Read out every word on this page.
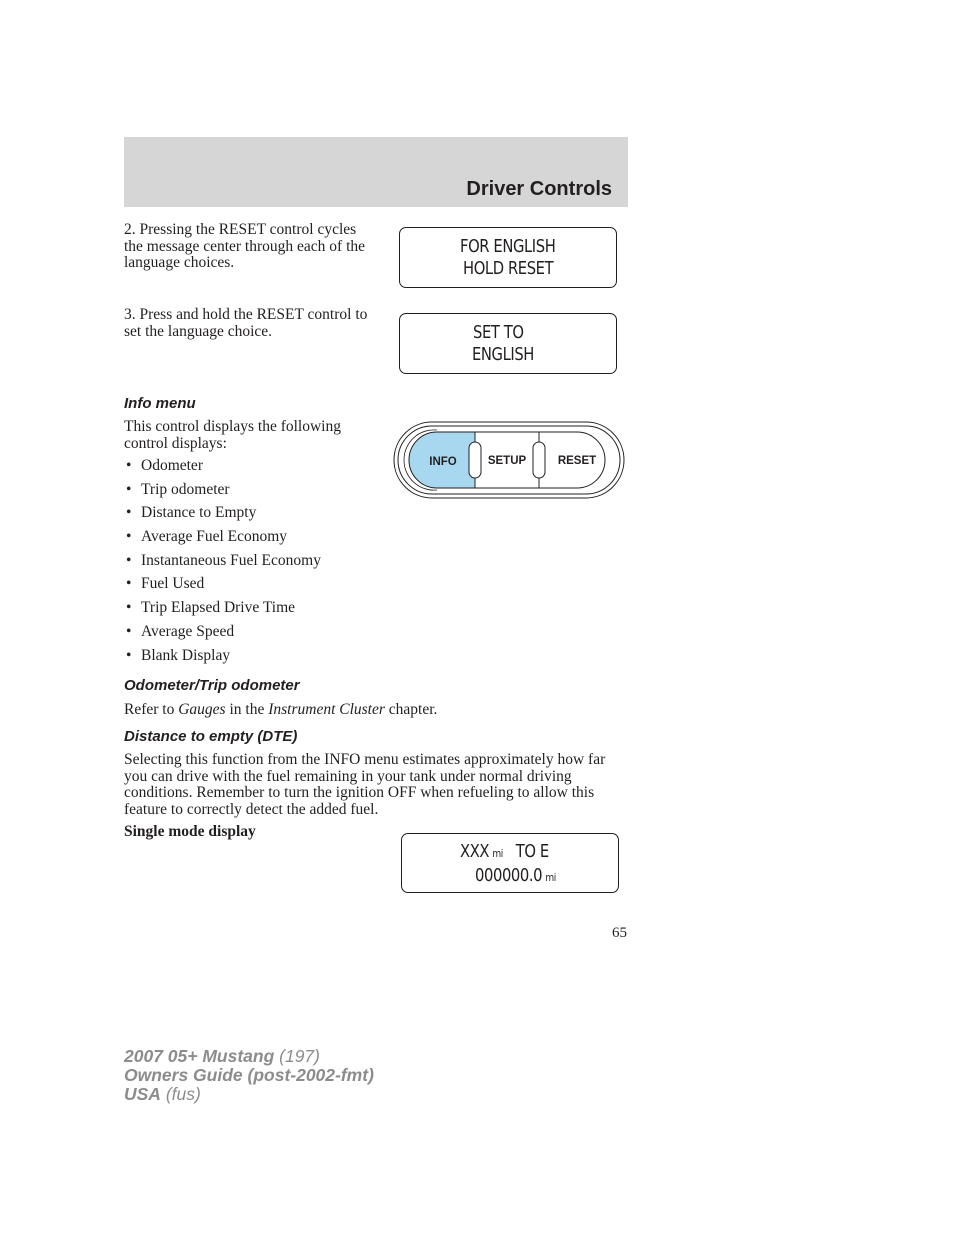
Driver Controls
2. Pressing the RESET control cycles the message center through each of the language choices.
3. Press and hold the RESET control to set the language choice.
FOR ENGLISH
HOLD RESET
SET TO
ENGLISH
Info menu
This control displays the following control displays:
• Odometer
• Trip odometer
• Distance to Empty
• Average Fuel Economy
• Instantaneous Fuel Economy
• Fuel Used
• Trip Elapsed Drive Time
• Average Speed
• Blank Display
INFO	SETUP	RESET
Odometer/Trip odometer
Refer to Gauges in the Instrument Cluster chapter.
Distance to empty (DTE)
Selecting this function from the INFO menu estimates approximately how far you can drive with the fuel remaining in your tank under normal driving conditions. Remember to turn the ignition OFF when refueling to allow this feature to correctly detect the added fuel.
Single mode display
XXX mi TO E
000000.0 mi
65
2007 05+ Mustang (197)
Owners Guide (post-2002-fmt)
USA (fus)
